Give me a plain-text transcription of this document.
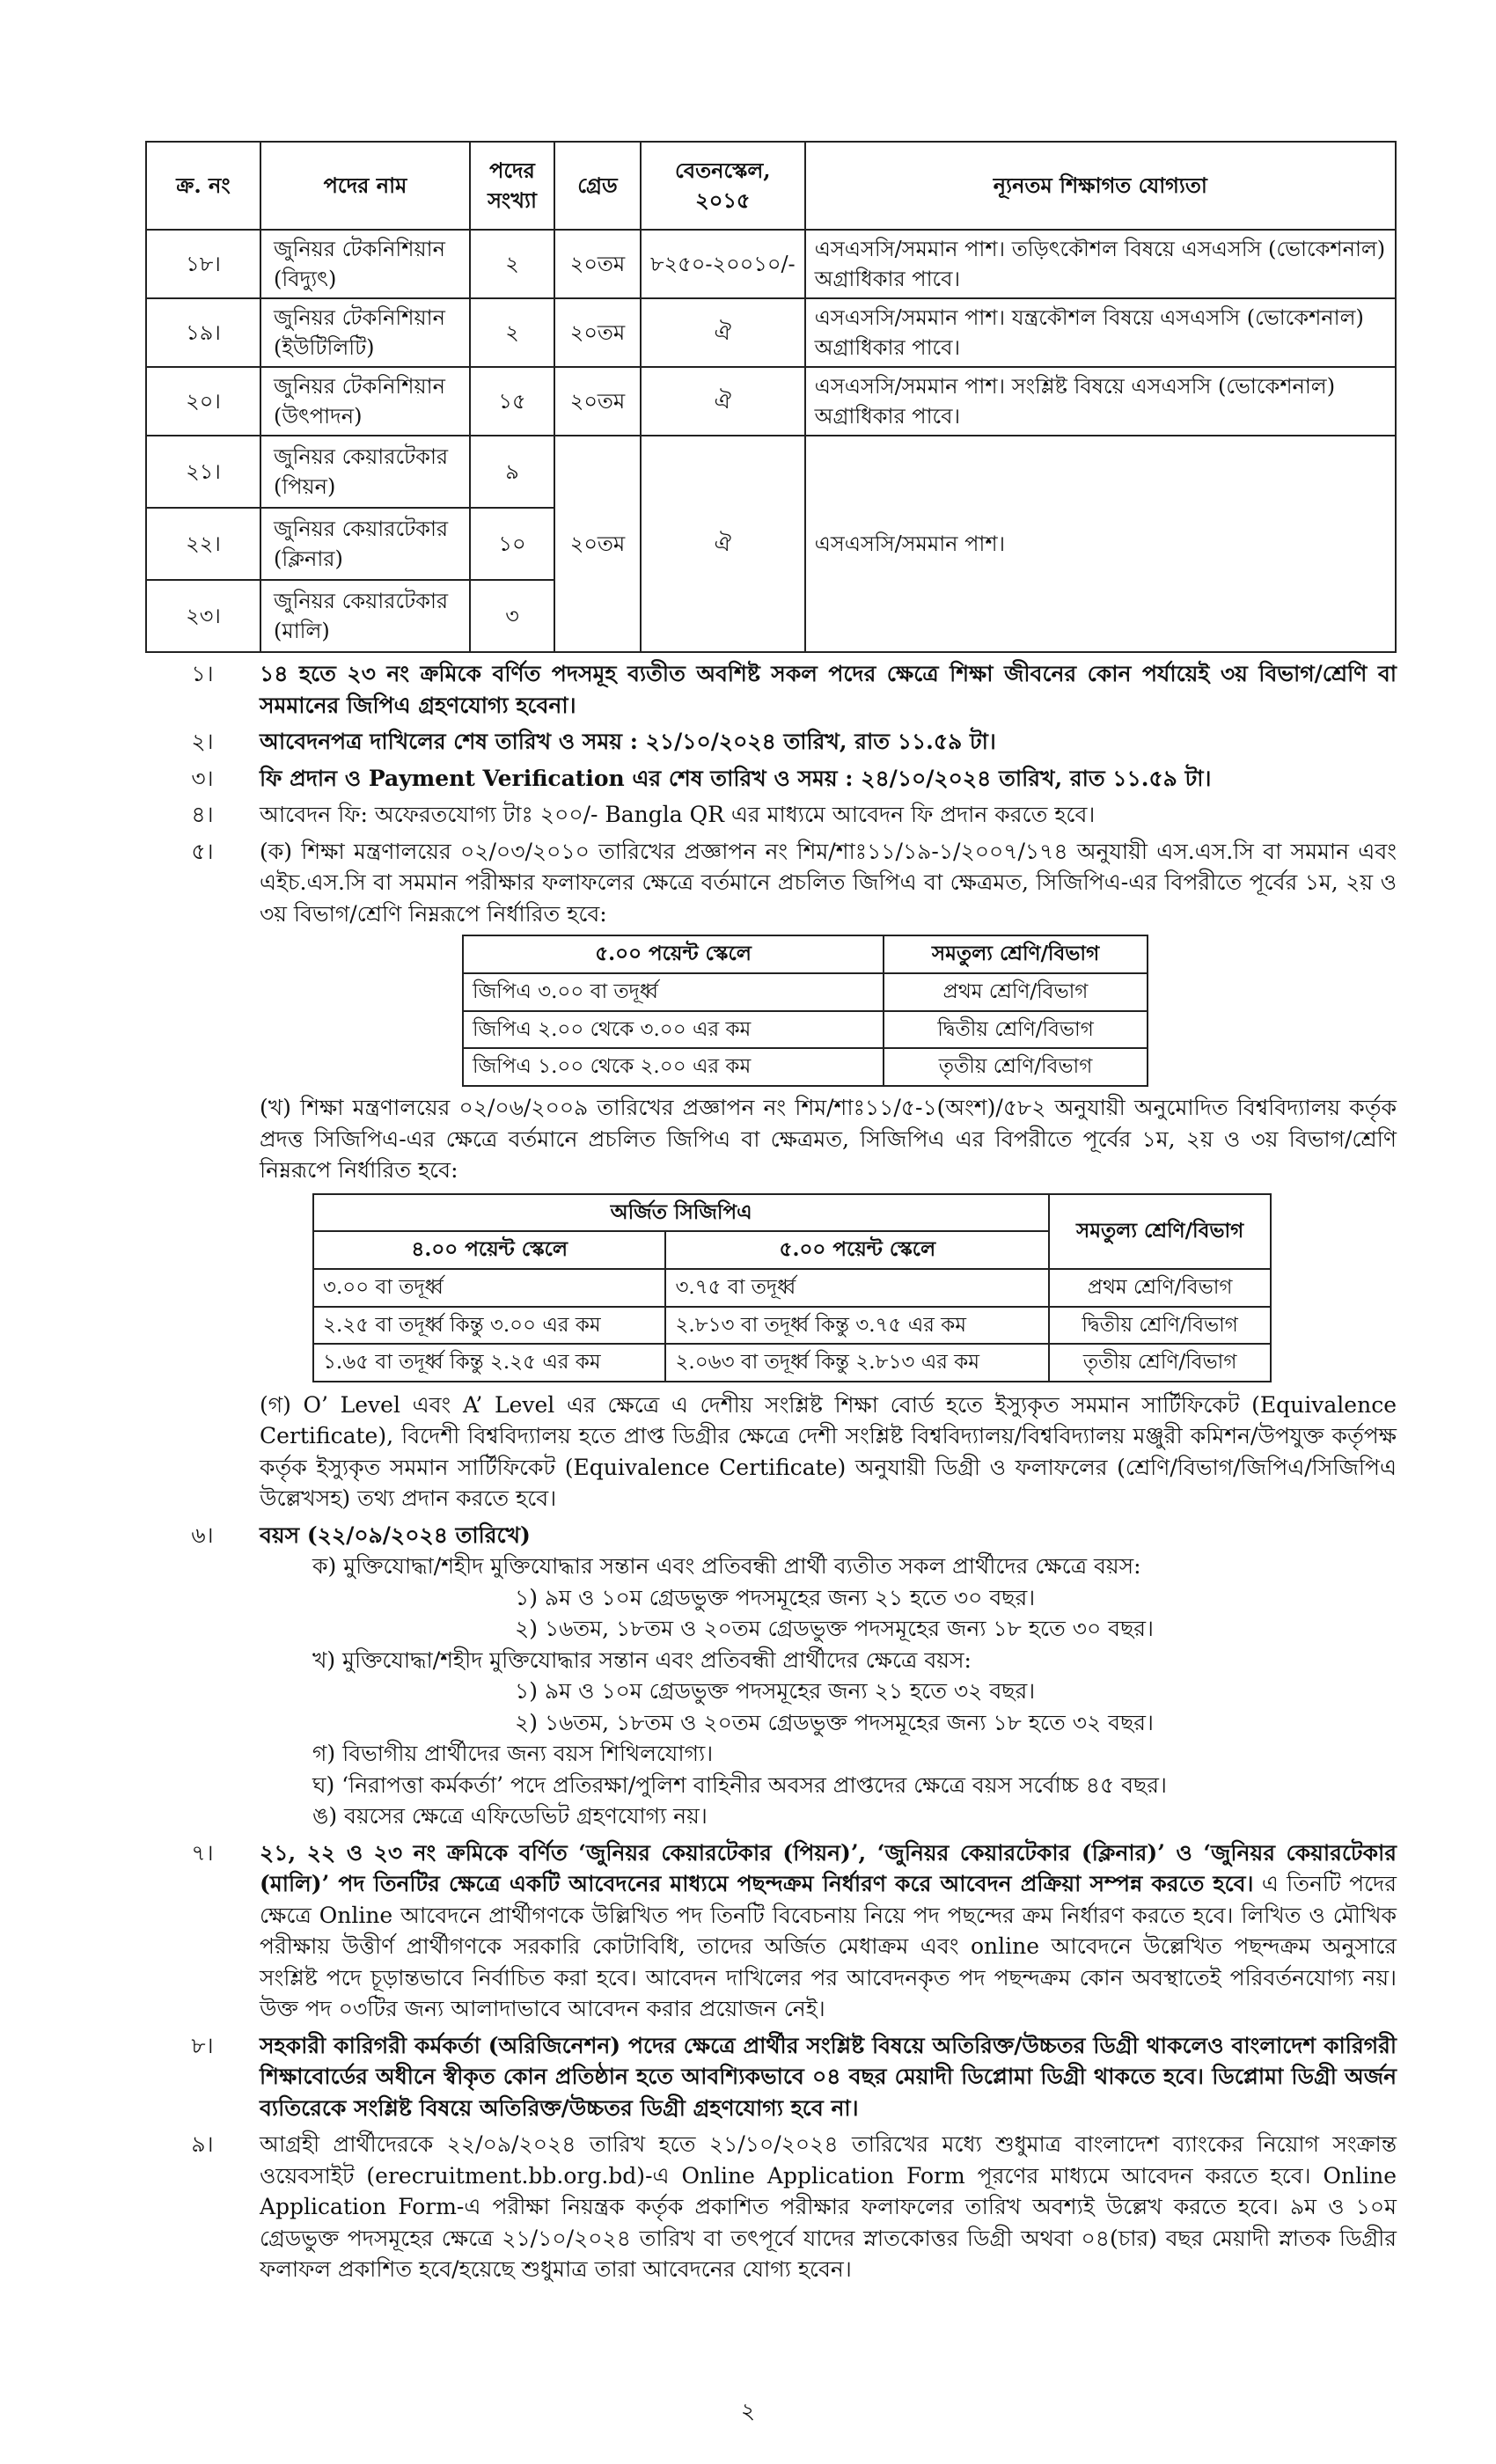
ক্র. নং	পদের নাম	পদের সংখ্যা	গ্রেড	বেতনস্কেল, ২০১৫	ন্যূনতম শিক্ষাগত যোগ্যতা
১৮।	জুনিয়র টেকনিশিয়ান (বিদ্যুৎ)	২	২০তম	৮২৫০-২০০১০/-	এসএসসি/সমমান পাশ। তড়িৎকৌশল বিষয়ে এসএসসি (ভোকেশনাল) অগ্রাধিকার পাবে।
১৯।	জুনিয়র টেকনিশিয়ান (ইউটিলিটি)	২	২০তম	ঐ	এসএসসি/সমমান পাশ। যন্ত্রকৌশল বিষয়ে এসএসসি (ভোকেশনাল) অগ্রাধিকার পাবে।
২০।	জুনিয়র টেকনিশিয়ান (উৎপাদন)	১৫	২০তম	ঐ	এসএসসি/সমমান পাশ। সংশ্লিষ্ট বিষয়ে এসএসসি (ভোকেশনাল) অগ্রাধিকার পাবে।
২১।	জুনিয়র কেয়ারটেকার (পিয়ন)	৯	২০তম	ঐ	এসএসসি/সমমান পাশ।
২২।	জুনিয়র কেয়ারটেকার (ক্লিনার)	১০			
২৩।	জুনিয়র কেয়ারটেকার (মালি)	৩			
১।	১৪ হতে ২৩ নং ক্রমিকে বর্ণিত পদসমূহ ব্যতীত অবশিষ্ট সকল পদের ক্ষেত্রে শিক্ষা জীবনের কোন পর্যায়েই ৩য় বিভাগ/শ্রেণি বা সমমানের জিপিএ গ্রহণযোগ্য হবেনা।
২।	আবেদনপত্র দাখিলের শেষ তারিখ ও সময় : ২১/১০/২০২৪ তারিখ, রাত ১১.৫৯ টা।
৩।	ফি প্রদান ও Payment Verification এর শেষ তারিখ ও সময় : ২৪/১০/২০২৪ তারিখ, রাত ১১.৫৯ টা।
৪।	আবেদন ফি: অফেরতযোগ্য টাঃ ২০০/- Bangla QR এর মাধ্যমে আবেদন ফি প্রদান করতে হবে।
৫।	(ক) শিক্ষা মন্ত্রণালয়ের ০২/০৩/২০১০ তারিখের প্রজ্ঞাপন নং শিম/শাঃ১১/১৯-১/২০০৭/১৭৪ অনুযায়ী এস.এস.সি বা সমমান এবং এইচ.এস.সি বা সমমান পরীক্ষার ফলাফলের ক্ষেত্রে বর্তমানে প্রচলিত জিপিএ বা ক্ষেত্রমত, সিজিপিএ-এর বিপরীতে পূর্বের ১ম, ২য় ও ৩য় বিভাগ/শ্রেণি নিম্নরূপে নির্ধারিত হবে:
৫.০০ পয়েন্ট স্কেলে	সমতুল্য শ্রেণি/বিভাগ
জিপিএ ৩.০০ বা তদূর্ধ্ব	প্রথম শ্রেণি/বিভাগ
জিপিএ ২.০০ থেকে ৩.০০ এর কম	দ্বিতীয় শ্রেণি/বিভাগ
জিপিএ ১.০০ থেকে ২.০০ এর কম	তৃতীয় শ্রেণি/বিভাগ
(খ) শিক্ষা মন্ত্রণালয়ের ০২/০৬/২০০৯ তারিখের প্রজ্ঞাপন নং শিম/শাঃ১১/৫-১(অংশ)/৫৮২ অনুযায়ী অনুমোদিত বিশ্ববিদ্যালয় কর্তৃক প্রদত্ত সিজিপিএ-এর ক্ষেত্রে বর্তমানে প্রচলিত জিপিএ বা ক্ষেত্রমত, সিজিপিএ এর বিপরীতে পূর্বের ১ম, ২য় ও ৩য় বিভাগ/শ্রেণি নিম্নরূপে নির্ধারিত হবে:
অর্জিত সিজিপিএ		সমতুল্য শ্রেণি/বিভাগ
৪.০০ পয়েন্ট স্কেলে	৫.০০ পয়েন্ট স্কেলে	
৩.০০ বা তদূর্ধ্ব	৩.৭৫ বা তদূর্ধ্ব	প্রথম শ্রেণি/বিভাগ
২.২৫ বা তদূর্ধ্ব কিন্তু ৩.০০ এর কম	২.৮১৩ বা তদূর্ধ্ব কিন্তু ৩.৭৫ এর কম	দ্বিতীয় শ্রেণি/বিভাগ
১.৬৫ বা তদূর্ধ্ব কিন্তু ২.২৫ এর কম	২.০৬৩ বা তদূর্ধ্ব কিন্তু ২.৮১৩ এর কম	তৃতীয় শ্রেণি/বিভাগ
(গ) O’ Level এবং A’ Level এর ক্ষেত্রে এ দেশীয় সংশ্লিষ্ট শিক্ষা বোর্ড হতে ইস্যুকৃত সমমান সার্টিফিকেট (Equivalence Certificate), বিদেশী বিশ্ববিদ্যালয় হতে প্রাপ্ত ডিগ্রীর ক্ষেত্রে দেশী সংশ্লিষ্ট বিশ্ববিদ্যালয়/বিশ্ববিদ্যালয় মঞ্জুরী কমিশন/উপযুক্ত কর্তৃপক্ষ কর্তৃক ইস্যুকৃত সমমান সার্টিফিকেট (Equivalence Certificate) অনুযায়ী ডিগ্রী ও ফলাফলের (শ্রেণি/বিভাগ/জিপিএ/সিজিপিএ উল্লেখসহ) তথ্য প্রদান করতে হবে।
৬।	বয়স (২২/০৯/২০২৪ তারিখে)
ক) মুক্তিযোদ্ধা/শহীদ মুক্তিযোদ্ধার সন্তান এবং প্রতিবন্ধী প্রার্থী ব্যতীত সকল প্রার্থীদের ক্ষেত্রে বয়স:
১) ৯ম ও ১০ম গ্রেডভুক্ত পদসমূহের জন্য ২১ হতে ৩০ বছর।
২) ১৬তম, ১৮তম ও ২০তম গ্রেডভুক্ত পদসমূহের জন্য ১৮ হতে ৩০ বছর।
খ) মুক্তিযোদ্ধা/শহীদ মুক্তিযোদ্ধার সন্তান এবং প্রতিবন্ধী প্রার্থীদের ক্ষেত্রে বয়স:
১) ৯ম ও ১০ম গ্রেডভুক্ত পদসমূহের জন্য ২১ হতে ৩২ বছর।
২) ১৬তম, ১৮তম ও ২০তম গ্রেডভুক্ত পদসমূহের জন্য ১৮ হতে ৩২ বছর।
গ) বিভাগীয় প্রার্থীদের জন্য বয়স শিথিলযোগ্য।
ঘ) ‘নিরাপত্তা কর্মকর্তা’ পদে প্রতিরক্ষা/পুলিশ বাহিনীর অবসর প্রাপ্তদের ক্ষেত্রে বয়স সর্বোচ্চ ৪৫ বছর।
ঙ) বয়সের ক্ষেত্রে এফিডেভিট গ্রহণযোগ্য নয়।
৭।	২১, ২২ ও ২৩ নং ক্রমিকে বর্ণিত ‘জুনিয়র কেয়ারটেকার (পিয়ন)’, ‘জুনিয়র কেয়ারটেকার (ক্লিনার)’ ও ‘জুনিয়র কেয়ারটেকার (মালি)’ পদ তিনটির ক্ষেত্রে একটি আবেদনের মাধ্যমে পছন্দক্রম নির্ধারণ করে আবেদন প্রক্রিয়া সম্পন্ন করতে হবে। এ তিনটি পদের ক্ষেত্রে Online আবেদনে প্রার্থীগণকে উল্লিখিত পদ তিনটি বিবেচনায় নিয়ে পদ পছন্দের ক্রম নির্ধারণ করতে হবে। লিখিত ও মৌখিক পরীক্ষায় উত্তীর্ণ প্রার্থীগণকে সরকারি কোটাবিধি, তাদের অর্জিত মেধাক্রম এবং online আবেদনে উল্লেখিত পছন্দক্রম অনুসারে সংশ্লিষ্ট পদে চূড়ান্তভাবে নির্বাচিত করা হবে। আবেদন দাখিলের পর আবেদনকৃত পদ পছন্দক্রম কোন অবস্থাতেই পরিবর্তনযোগ্য নয়। উক্ত পদ ০৩টির জন্য আলাদাভাবে আবেদন করার প্রয়োজন নেই।
৮।	সহকারী কারিগরী কর্মকর্তা (অরিজিনেশন) পদের ক্ষেত্রে প্রার্থীর সংশ্লিষ্ট বিষয়ে অতিরিক্ত/উচ্চতর ডিগ্রী থাকলেও বাংলাদেশ কারিগরী শিক্ষাবোর্ডের অধীনে স্বীকৃত কোন প্রতিষ্ঠান হতে আবশ্যিকভাবে ০৪ বছর মেয়াদী ডিপ্লোমা ডিগ্রী থাকতে হবে। ডিপ্লোমা ডিগ্রী অর্জন ব্যতিরেকে সংশ্লিষ্ট বিষয়ে অতিরিক্ত/উচ্চতর ডিগ্রী গ্রহণযোগ্য হবে না।
৯।	আগ্রহী প্রার্থীদেরকে ২২/০৯/২০২৪ তারিখ হতে ২১/১০/২০২৪ তারিখের মধ্যে শুধুমাত্র বাংলাদেশ ব্যাংকের নিয়োগ সংক্রান্ত ওয়েবসাইট (erecruitment.bb.org.bd)-এ Online Application Form পূরণের মাধ্যমে আবেদন করতে হবে। Online Application Form-এ পরীক্ষা নিয়ন্ত্রক কর্তৃক প্রকাশিত পরীক্ষার ফলাফলের তারিখ অবশ্যই উল্লেখ করতে হবে। ৯ম ও ১০ম গ্রেডভুক্ত পদসমূহের ক্ষেত্রে ২১/১০/২০২৪ তারিখ বা তৎপূর্বে যাদের স্নাতকোত্তর ডিগ্রী অথবা ০৪(চার) বছর মেয়াদী স্নাতক ডিগ্রীর ফলাফল প্রকাশিত হবে/হয়েছে শুধুমাত্র তারা আবেদনের যোগ্য হবেন।
২
